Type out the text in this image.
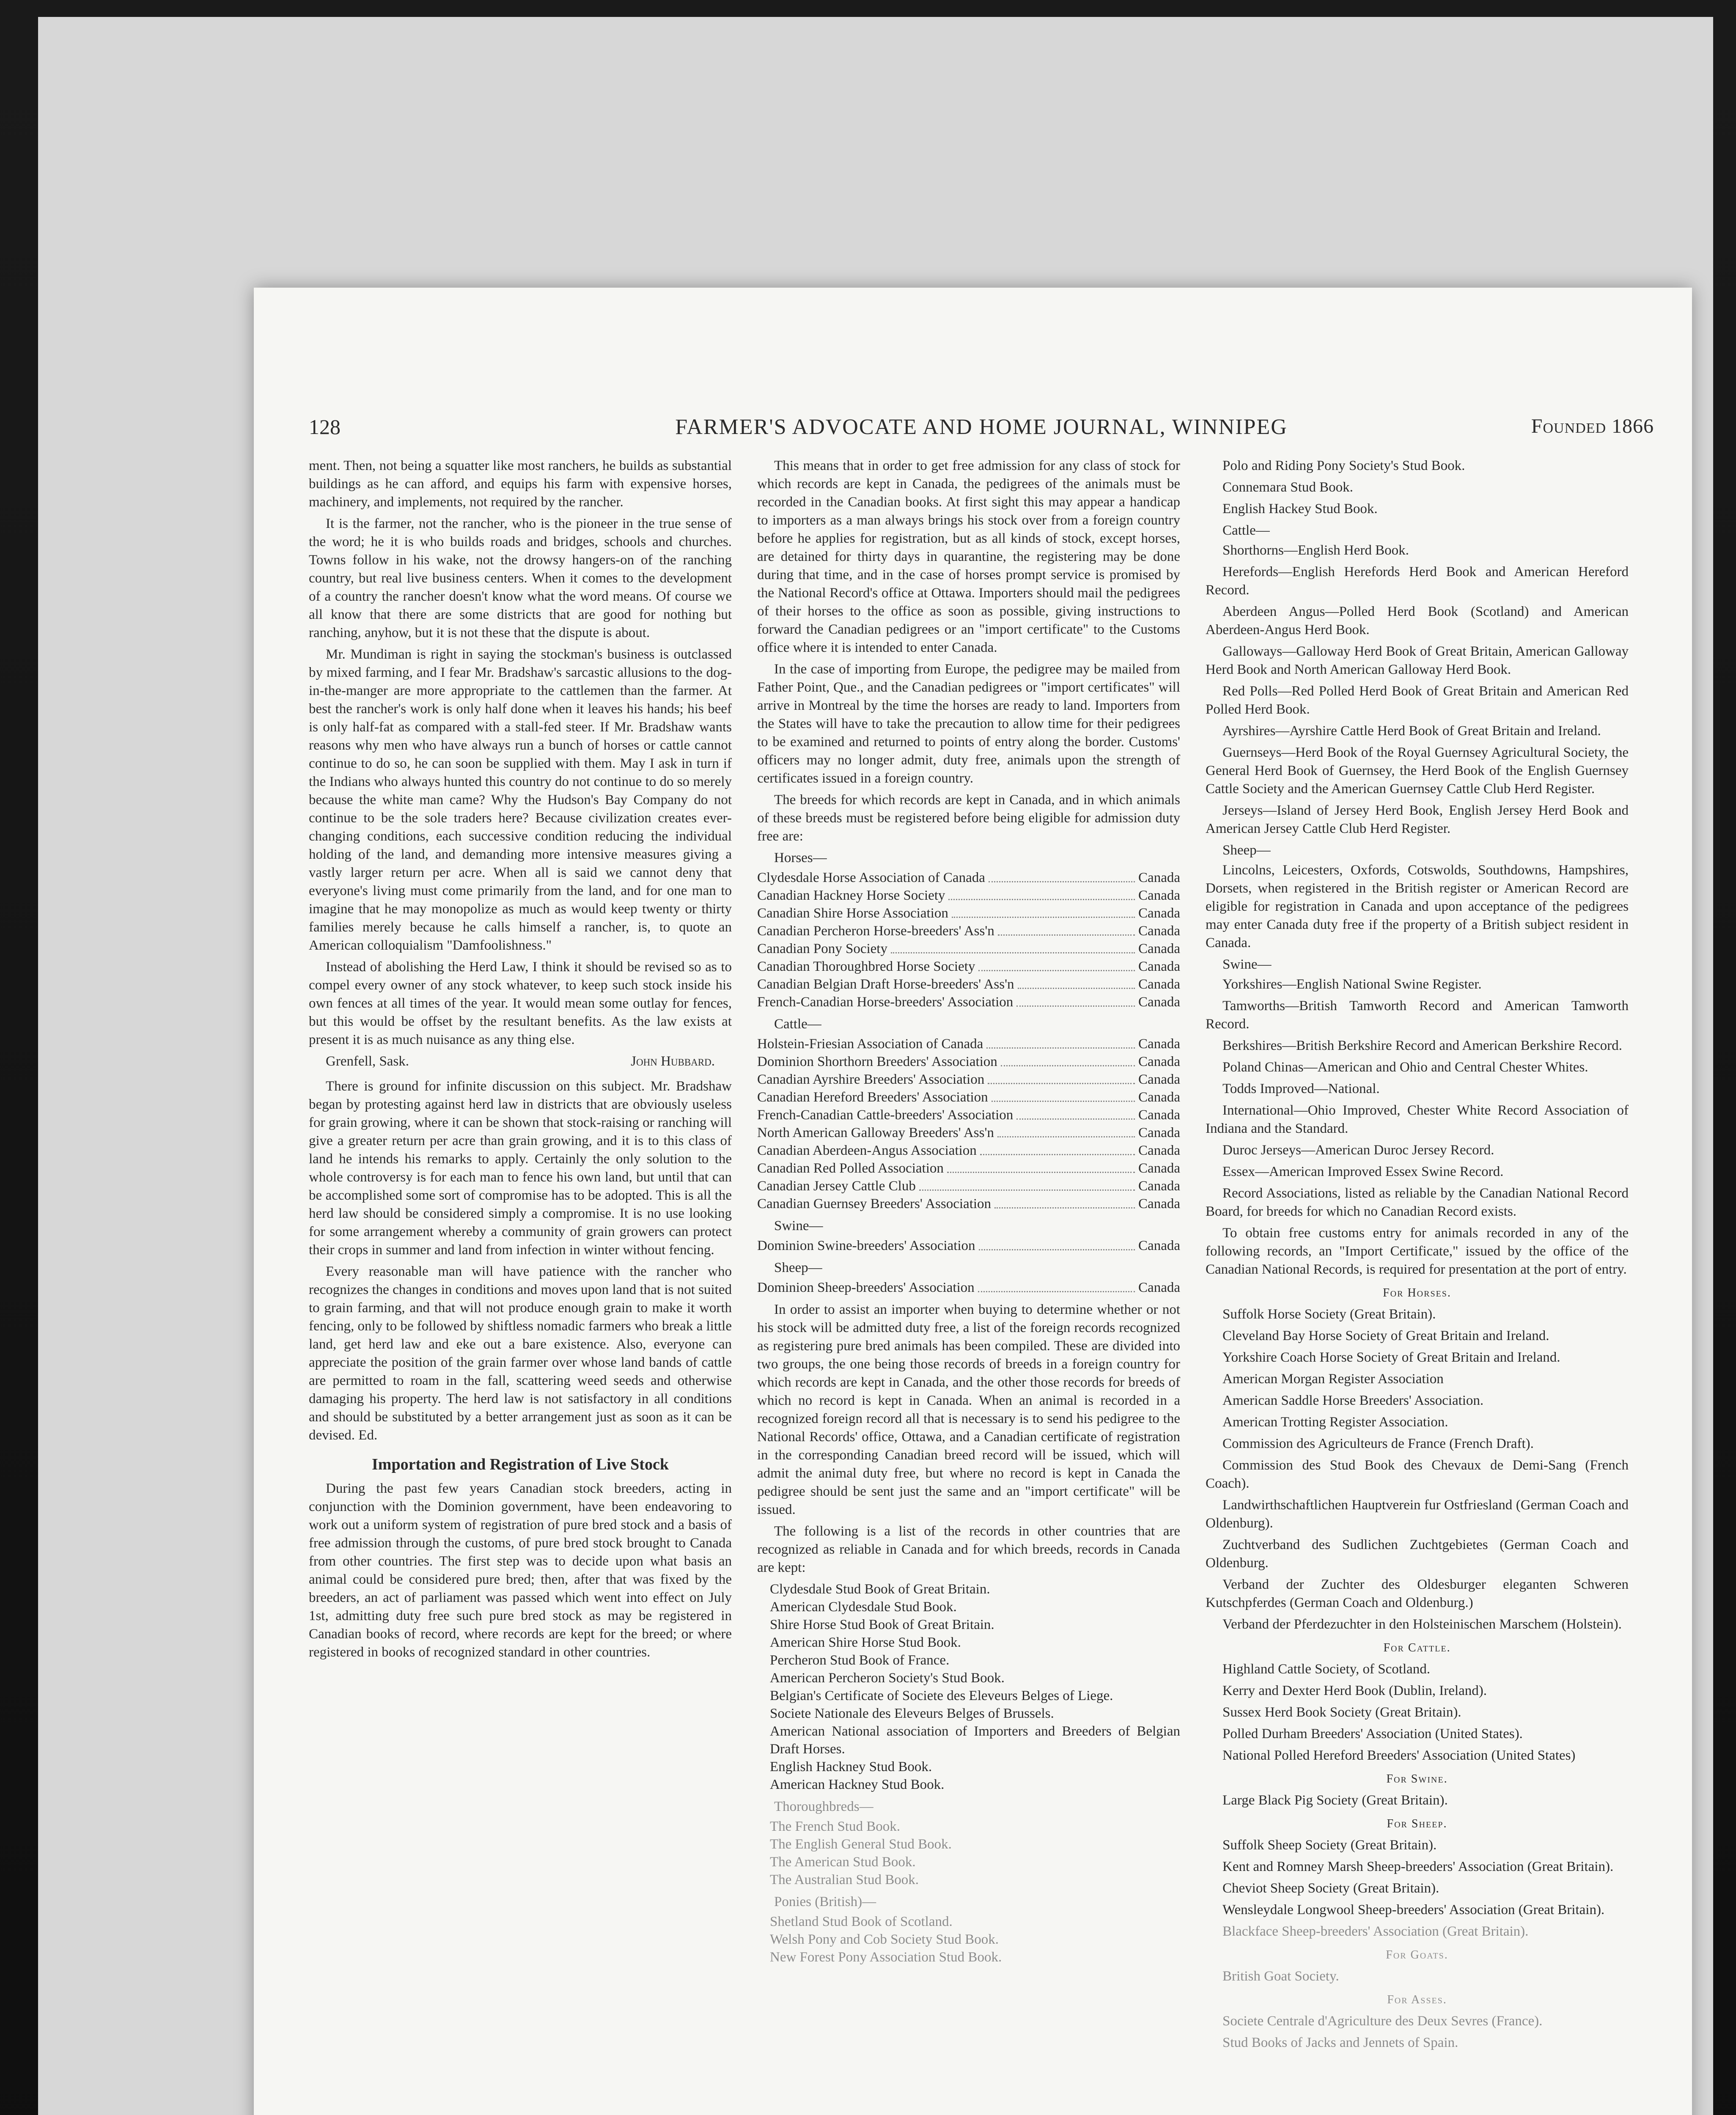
128	FARMER'S ADVOCATE AND HOME JOURNAL, WINNIPEG	Founded 1866

ment. Then, not being a squatter like most ranchers, he builds as substantial buildings as he can afford, and equips his farm with expensive horses, machinery, and implements, not required by the rancher.

It is the farmer, not the rancher, who is the pioneer in the true sense of the word; he it is who builds roads and bridges, schools and churches. Towns follow in his wake, not the drowsy hangers-on of the ranching country, but real live business centers. When it comes to the development of a country the rancher doesn't know what the word means. Of course we all know that there are some districts that are good for nothing but ranching, anyhow, but it is not these that the dispute is about.

Mr. Mundiman is right in saying the stockman's business is outclassed by mixed farming, and I fear Mr. Bradshaw's sarcastic allusions to the dog-in-the-manger are more appropriate to the cattlemen than the farmer. At best the rancher's work is only half done when it leaves his hands; his beef is only half-fat as compared with a stall-fed steer. If Mr. Bradshaw wants reasons why men who have always run a bunch of horses or cattle cannot continue to do so, he can soon be supplied with them. May I ask in turn if the Indians who always hunted this country do not continue to do so merely because the white man came? Why the Hudson's Bay Company do not continue to be the sole traders here? Because civilization creates ever-changing conditions, each successive condition reducing the individual holding of the land, and demanding more intensive measures giving a vastly larger return per acre. When all is said we cannot deny that everyone's living must come primarily from the land, and for one man to imagine that he may monopolize as much as would keep twenty or thirty families merely because he calls himself a rancher, is, to quote an American colloquialism "Damfoolishness."

Instead of abolishing the Herd Law, I think it should be revised so as to compel every owner of any stock whatever, to keep such stock inside his own fences at all times of the year. It would mean some outlay for fences, but this would be offset by the resultant benefits. As the law exists at present it is as much nuisance as any thing else.

Grenfell, Sask.	John Hubbard.

There is ground for infinite discussion on this subject. Mr. Bradshaw began by protesting against herd law in districts that are obviously useless for grain growing, where it can be shown that stock-raising or ranching will give a greater return per acre than grain growing, and it is to this class of land he intends his remarks to apply. Certainly the only solution to the whole controversy is for each man to fence his own land, but until that can be accomplished some sort of compromise has to be adopted. This is all the herd law should be considered simply a compromise. It is no use looking for some arrangement whereby a community of grain growers can protect their crops in summer and land from infection in winter without fencing.

Every reasonable man will have patience with the rancher who recognizes the changes in conditions and moves upon land that is not suited to grain farming, and that will not produce enough grain to make it worth fencing, only to be followed by shiftless nomadic farmers who break a little land, get herd law and eke out a bare existence. Also, everyone can appreciate the position of the grain farmer over whose land bands of cattle are permitted to roam in the fall, scattering weed seeds and otherwise damaging his property. The herd law is not satisfactory in all conditions and should be substituted by a better arrangement just as soon as it can be devised. Ed.

Importation and Registration of Live Stock

During the past few years Canadian stock breeders, acting in conjunction with the Dominion government, have been endeavoring to work out a uniform system of registration of pure bred stock and a basis of free admission through the customs, of pure bred stock brought to Canada from other countries. The first step was to decide upon what basis an animal could be considered pure bred; then, after that was fixed by the breeders, an act of parliament was passed which went into effect on July 1st, admitting duty free such pure bred stock as may be registered in Canadian books of record, where records are kept for the breed; or where registered in books of recognized standard in other countries.

This means that in order to get free admission for any class of stock for which records are kept in Canada, the pedigrees of the animals must be recorded in the Canadian books. At first sight this may appear a handicap to importers as a man always brings his stock over from a foreign country before he applies for registration, but as all kinds of stock, except horses, are detained for thirty days in quarantine, the registering may be done during that time, and in the case of horses prompt service is promised by the National Record's office at Ottawa. Importers should mail the pedigrees of their horses to the office as soon as possible, giving instructions to forward the Canadian pedigrees or an "import certificate" to the Customs office where it is intended to enter Canada.

In the case of importing from Europe, the pedigree may be mailed from Father Point, Que., and the Canadian pedigrees or "import certificates" will arrive in Montreal by the time the horses are ready to land. Importers from the States will have to take the precaution to allow time for their pedigrees to be examined and returned to points of entry along the border. Customs' officers may no longer admit, duty free, animals upon the strength of certificates issued in a foreign country.

The breeds for which records are kept in Canada, and in which animals of these breeds must be registered before being eligible for admission duty free are:

Horses—
Clydesdale Horse Association of Canada	Canada
Canadian Hackney Horse Society	Canada
Canadian Shire Horse Association	Canada
Canadian Percheron Horse-breeders' Ass'n	Canada
Canadian Pony Society	Canada
Canadian Thoroughbred Horse Society	Canada
Canadian Belgian Draft Horse-breeders' Ass'n	Canada
French-Canadian Horse-breeders' Association	Canada
Cattle—
Holstein-Friesian Association of Canada	Canada
Dominion Shorthorn Breeders' Association	Canada
Canadian Ayrshire Breeders' Association	Canada
Canadian Hereford Breeders' Association	Canada
French-Canadian Cattle-breeders' Association	Canada
North American Galloway Breeders' Ass'n	Canada
Canadian Aberdeen-Angus Association	Canada
Canadian Red Polled Association	Canada
Canadian Jersey Cattle Club	Canada
Canadian Guernsey Breeders' Association	Canada
Swine—
Dominion Swine-breeders' Association	Canada
Sheep—
Dominion Sheep-breeders' Association	Canada

In order to assist an importer when buying to determine whether or not his stock will be admitted duty free, a list of the foreign records recognized as registering pure bred animals has been compiled. These are divided into two groups, the one being those records of breeds in a foreign country for which records are kept in Canada, and the other those records for breeds of which no record is kept in Canada. When an animal is recorded in a recognized foreign record all that is necessary is to send his pedigree to the National Records' office, Ottawa, and a Canadian certificate of registration in the corresponding Canadian breed record will be issued, which will admit the animal duty free, but where no record is kept in Canada the pedigree should be sent just the same and an "import certificate" will be issued.

The following is a list of the records in other countries that are recognized as reliable in Canada and for which breeds, records in Canada are kept:

Clydesdale Stud Book of Great Britain.
American Clydesdale Stud Book.
Shire Horse Stud Book of Great Britain.
American Shire Horse Stud Book.
Percheron Stud Book of France.
American Percheron Society's Stud Book.
Belgian's Certificate of Societe des Eleveurs Belges of Liege.
Societe Nationale des Eleveurs Belges of Brussels.
American National association of Importers and Breeders of Belgian Draft Horses.
English Hackney Stud Book.
American Hackney Stud Book.
Thoroughbreds—
The French Stud Book.
The English General Stud Book.
The American Stud Book.
The Australian Stud Book.
Ponies (British)—
Shetland Stud Book of Scotland.
Welsh Pony and Cob Society Stud Book.
New Forest Pony Association Stud Book.

Polo and Riding Pony Society's Stud Book.

Connemara Stud Book.

English Hackey Stud Book.

Cattle—

Shorthorns—English Herd Book.

Herefords—English Herefords Herd Book and American Hereford Record.

Aberdeen Angus—Polled Herd Book (Scotland) and American Aberdeen-Angus Herd Book.

Galloways—Galloway Herd Book of Great Britain, American Galloway Herd Book and North American Galloway Herd Book.

Red Polls—Red Polled Herd Book of Great Britain and American Red Polled Herd Book.

Ayrshires—Ayrshire Cattle Herd Book of Great Britain and Ireland.

Guernseys—Herd Book of the Royal Guernsey Agricultural Society, the General Herd Book of Guernsey, the Herd Book of the English Guernsey Cattle Society and the American Guernsey Cattle Club Herd Register.

Jerseys—Island of Jersey Herd Book, English Jersey Herd Book and American Jersey Cattle Club Herd Register.

Sheep—

Lincolns, Leicesters, Oxfords, Cotswolds, Southdowns, Hampshires, Dorsets, when registered in the British register or American Record are eligible for registration in Canada and upon acceptance of the pedigrees may enter Canada duty free if the property of a British subject resident in Canada.

Swine—

Yorkshires—English National Swine Register.

Tamworths—British Tamworth Record and American Tamworth Record.

Berkshires—British Berkshire Record and American Berkshire Record.

Poland Chinas—American and Ohio and Central Chester Whites.

Todds Improved—National.

International—Ohio Improved, Chester White Record Association of Indiana and the Standard.

Duroc Jerseys—American Duroc Jersey Record.

Essex—American Improved Essex Swine Record.

Record Associations, listed as reliable by the Canadian National Record Board, for breeds for which no Canadian Record exists.

To obtain free customs entry for animals recorded in any of the following records, an "Import Certificate," issued by the office of the Canadian National Records, is required for presentation at the port of entry.

For Horses.

Suffolk Horse Society (Great Britain).

Cleveland Bay Horse Society of Great Britain and Ireland.

Yorkshire Coach Horse Society of Great Britain and Ireland.

American Morgan Register Association

American Saddle Horse Breeders' Association.

American Trotting Register Association.

Commission des Agriculteurs de France (French Draft).

Commission des Stud Book des Chevaux de Demi-Sang (French Coach).

Landwirthschaftlichen Hauptverein fur Ostfriesland (German Coach and Oldenburg).

Zuchtverband des Sudlichen Zuchtgebietes (German Coach and Oldenburg.

Verband der Zuchter des Oldesburger eleganten Schweren Kutschpferdes (German Coach and Oldenburg.)

Verband der Pferdezuchter in den Holsteinischen Marschem (Holstein).

For Cattle.

Highland Cattle Society, of Scotland.

Kerry and Dexter Herd Book (Dublin, Ireland).

Sussex Herd Book Society (Great Britain).

Polled Durham Breeders' Association (United States).

National Polled Hereford Breeders' Association (United States)

For Swine.

Large Black Pig Society (Great Britain).

For Sheep.

Suffolk Sheep Society (Great Britain).

Kent and Romney Marsh Sheep-breeders' Association (Great Britain).

Cheviot Sheep Society (Great Britain).

Wensleydale Longwool Sheep-breeders' Association (Great Britain).

Blackface Sheep-breeders' Association (Great Britain).

For Goats.

British Goat Society.

For Asses.

Societe Centrale d'Agriculture des Deux Sevres (France).

Stud Books of Jacks and Jennets of Spain.
